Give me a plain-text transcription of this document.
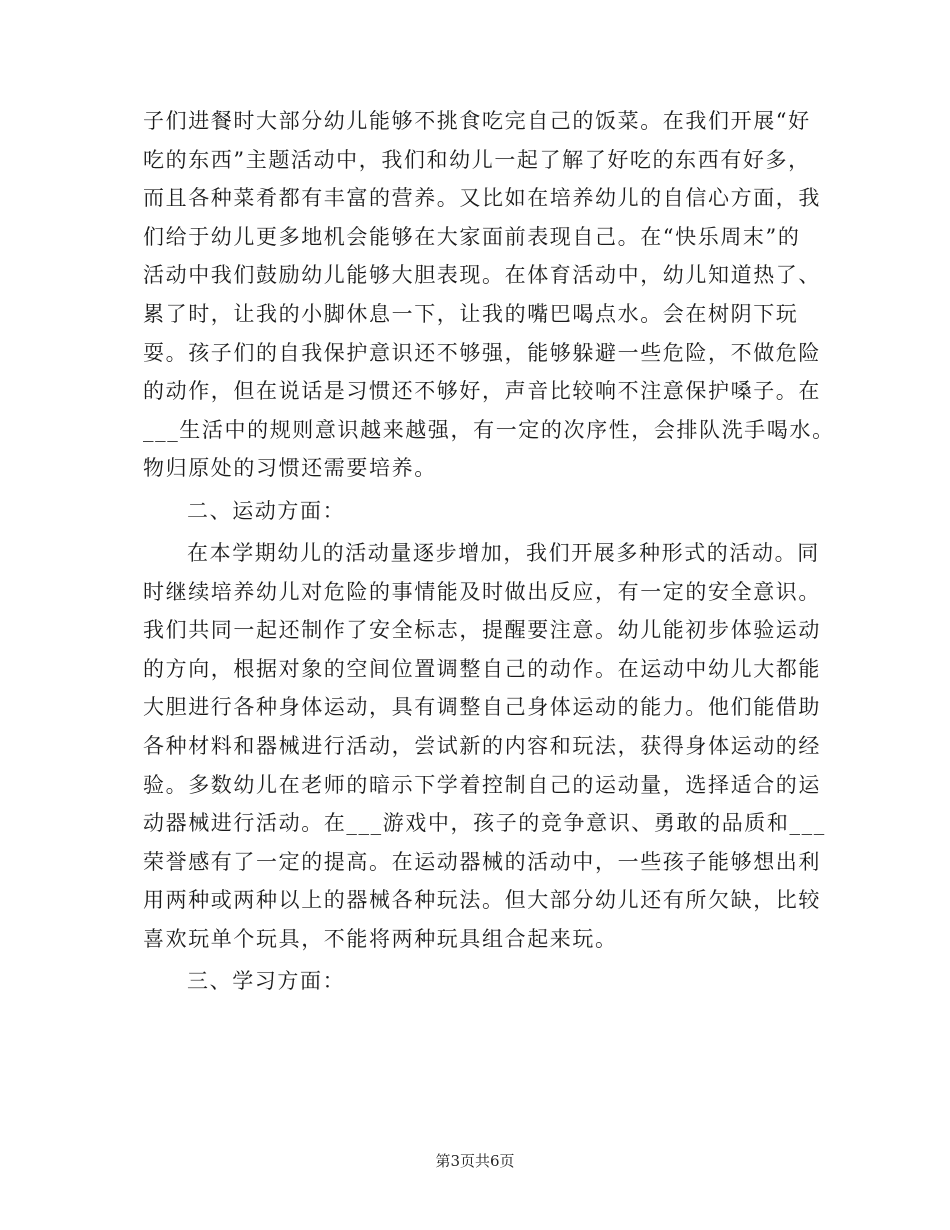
子们进餐时大部分幼儿能够不挑食吃完自己的饭菜。在我们开展“好
吃的东西”主题活动中，我们和幼儿一起了解了好吃的东西有好多，
而且各种菜肴都有丰富的营养。又比如在培养幼儿的自信心方面，我
们给于幼儿更多地机会能够在大家面前表现自己。在“快乐周末”的
活动中我们鼓励幼儿能够大胆表现。在体育活动中，幼儿知道热了、
累了时，让我的小脚休息一下，让我的嘴巴喝点水。会在树阴下玩
耍。孩子们的自我保护意识还不够强，能够躲避一些危险，不做危险
的动作，但在说话是习惯还不够好，声音比较响不注意保护嗓子。在
___生活中的规则意识越来越强，有一定的次序性，会排队洗手喝水。
物归原处的习惯还需要培养。
二、运动方面：
在本学期幼儿的活动量逐步增加，我们开展多种形式的活动。同
时继续培养幼儿对危险的事情能及时做出反应，有一定的安全意识。
我们共同一起还制作了安全标志，提醒要注意。幼儿能初步体验运动
的方向，根据对象的空间位置调整自己的动作。在运动中幼儿大都能
大胆进行各种身体运动，具有调整自己身体运动的能力。他们能借助
各种材料和器械进行活动，尝试新的内容和玩法，获得身体运动的经
验。多数幼儿在老师的暗示下学着控制自己的运动量，选择适合的运
动器械进行活动。在___游戏中，孩子的竞争意识、勇敢的品质和___
荣誉感有了一定的提高。在运动器械的活动中，一些孩子能够想出利
用两种或两种以上的器械各种玩法。但大部分幼儿还有所欠缺，比较
喜欢玩单个玩具，不能将两种玩具组合起来玩。
三、学习方面：
第3页共6页
